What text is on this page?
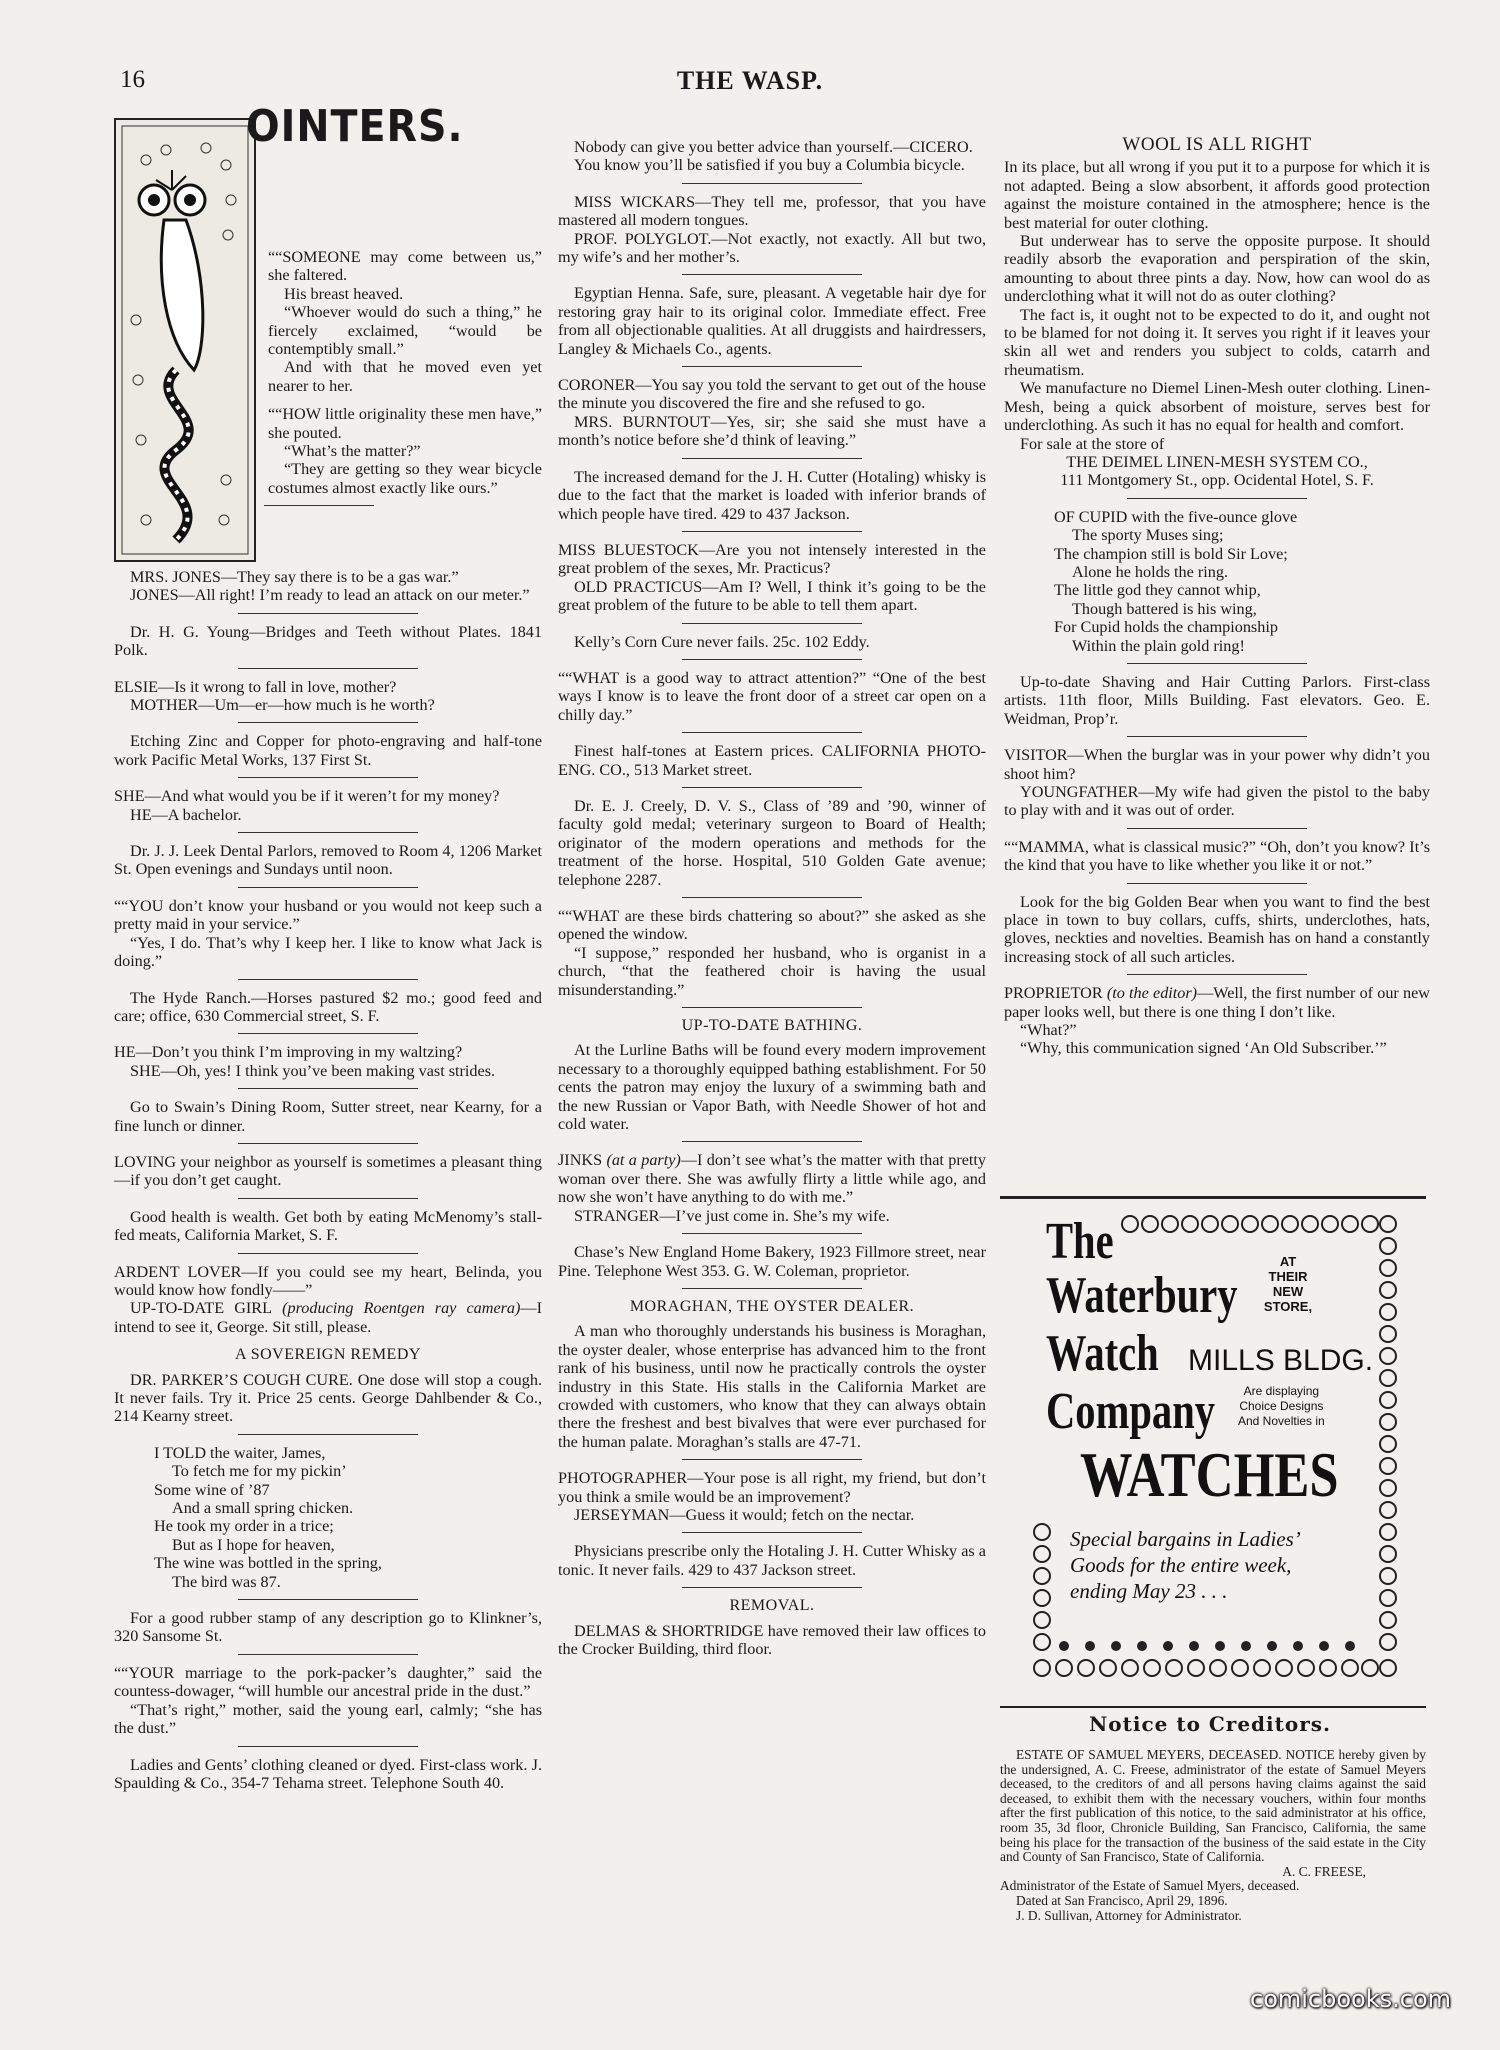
16	THE WASP.
OINTERS.

““SOMEONE may come between us,” she faltered.

His breast heaved.

“Whoever would do such a thing,” he fiercely exclaimed, “would be contemptibly small.”

And with that he moved even yet nearer to her.

““HOW little originality these men have,” she pouted.

“What’s the matter?”

“They are getting so they wear bicycle costumes almost exactly like ours.”

MRS. JONES—They say there is to be a gas war.”

JONES—All right! I’m ready to lead an attack on our meter.”

Dr. H. G. Young—Bridges and Teeth without Plates. 1841 Polk.

ELSIE—Is it wrong to fall in love, mother?

MOTHER—Um—er—how much is he worth?

Etching Zinc and Copper for photo-engraving and half-tone work Pacific Metal Works, 137 First St.

SHE—And what would you be if it weren’t for my money?

HE—A bachelor.

Dr. J. J. Leek Dental Parlors, removed to Room 4, 1206 Market St. Open evenings and Sundays until noon.

““YOU don’t know your husband or you would not keep such a pretty maid in your service.”

“Yes, I do. That’s why I keep her. I like to know what Jack is doing.”

The Hyde Ranch.—Horses pastured $2 mo.; good feed and care; office, 630 Commercial street, S. F.

HE—Don’t you think I’m improving in my waltzing?

SHE—Oh, yes! I think you’ve been making vast strides.

Go to Swain’s Dining Room, Sutter street, near Kearny, for a fine lunch or dinner.

LOVING your neighbor as yourself is sometimes a pleasant thing—if you don’t get caught.

Good health is wealth. Get both by eating McMenomy’s stall-fed meats, California Market, S. F.

ARDENT LOVER—If you could see my heart, Belinda, you would know how fondly——”

UP-TO-DATE GIRL (producing Roentgen ray camera)—I intend to see it, George. Sit still, please.

A SOVEREIGN REMEDY

DR. PARKER’S COUGH CURE. One dose will stop a cough. It never fails. Try it. Price 25 cents. George Dahlbender & Co., 214 Kearny street.

I TOLD the waiter, James,
To fetch me for my pickin’
Some wine of ’87
And a small spring chicken.
He took my order in a trice;
But as I hope for heaven,
The wine was bottled in the spring,
The bird was 87.

For a good rubber stamp of any description go to Klinkner’s, 320 Sansome St.

““YOUR marriage to the pork-packer’s daughter,” said the countess-dowager, “will humble our ancestral pride in the dust.”

“That’s right,” mother, said the young earl, calmly; “she has the dust.”

Ladies and Gents’ clothing cleaned or dyed. First-class work. J. Spaulding & Co., 354-7 Tehama street. Telephone South 40.

Nobody can give you better advice than yourself.—CICERO.

You know you’ll be satisfied if you buy a Columbia bicycle.

MISS WICKARS—They tell me, professor, that you have mastered all modern tongues.

PROF. POLYGLOT.—Not exactly, not exactly. All but two, my wife’s and her mother’s.

Egyptian Henna. Safe, sure, pleasant. A vegetable hair dye for restoring gray hair to its original color. Immediate effect. Free from all objectionable qualities. At all druggists and hairdressers, Langley & Michaels Co., agents.

CORONER—You say you told the servant to get out of the house the minute you discovered the fire and she refused to go.

MRS. BURNTOUT—Yes, sir; she said she must have a month’s notice before she’d think of leaving.”

The increased demand for the J. H. Cutter (Hotaling) whisky is due to the fact that the market is loaded with inferior brands of which people have tired. 429 to 437 Jackson.

MISS BLUESTOCK—Are you not intensely interested in the great problem of the sexes, Mr. Practicus?

OLD PRACTICUS—Am I? Well, I think it’s going to be the great problem of the future to be able to tell them apart.

Kelly’s Corn Cure never fails. 25c. 102 Eddy.

““WHAT is a good way to attract attention?” “One of the best ways I know is to leave the front door of a street car open on a chilly day.”

Finest half-tones at Eastern prices. CALIFORNIA PHOTO-ENG. CO., 513 Market street.

Dr. E. J. Creely, D. V. S., Class of ’89 and ’90, winner of faculty gold medal; veterinary surgeon to Board of Health; originator of the modern operations and methods for the treatment of the horse. Hospital, 510 Golden Gate avenue; telephone 2287.

““WHAT are these birds chattering so about?” she asked as she opened the window.

“I suppose,” responded her husband, who is organist in a church, “that the feathered choir is having the usual misunderstanding.”

UP-TO-DATE BATHING.

At the Lurline Baths will be found every modern improvement necessary to a thoroughly equipped bathing establishment. For 50 cents the patron may enjoy the luxury of a swimming bath and the new Russian or Vapor Bath, with Needle Shower of hot and cold water.

JINKS (at a party)—I don’t see what’s the matter with that pretty woman over there. She was awfully flirty a little while ago, and now she won’t have anything to do with me.”

STRANGER—I’ve just come in. She’s my wife.

Chase’s New England Home Bakery, 1923 Fillmore street, near Pine. Telephone West 353. G. W. Coleman, proprietor.

MORAGHAN, THE OYSTER DEALER.

A man who thoroughly understands his business is Moraghan, the oyster dealer, whose enterprise has advanced him to the front rank of his business, until now he practically controls the oyster industry in this State. His stalls in the California Market are crowded with customers, who know that they can always obtain there the freshest and best bivalves that were ever purchased for the human palate. Moraghan’s stalls are 47-71.

PHOTOGRAPHER—Your pose is all right, my friend, but don’t you think a smile would be an improvement?

JERSEYMAN—Guess it would; fetch on the nectar.

Physicians prescribe only the Hotaling J. H. Cutter Whisky as a tonic. It never fails. 429 to 437 Jackson street.

REMOVAL.

DELMAS & SHORTRIDGE have removed their law offices to the Crocker Building, third floor.

WOOL IS ALL RIGHT

In its place, but all wrong if you put it to a purpose for which it is not adapted. Being a slow absorbent, it affords good protection against the moisture contained in the atmosphere; hence is the best material for outer clothing.

But underwear has to serve the opposite purpose. It should readily absorb the evaporation and perspiration of the skin, amounting to about three pints a day. Now, how can wool do as underclothing what it will not do as outer clothing?

The fact is, it ought not to be expected to do it, and ought not to be blamed for not doing it. It serves you right if it leaves your skin all wet and renders you subject to colds, catarrh and rheumatism.

We manufacture no Diemel Linen-Mesh outer clothing. Linen-Mesh, being a quick absorbent of moisture, serves best for underclothing. As such it has no equal for health and comfort.

For sale at the store of

THE DEIMEL LINEN-MESH SYSTEM CO.,

111 Montgomery St., opp. Ocidental Hotel, S. F.

OF CUPID with the five-ounce glove
The sporty Muses sing;
The champion still is bold Sir Love;
Alone he holds the ring.
The little god they cannot whip,
Though battered is his wing,
For Cupid holds the championship
Within the plain gold ring!

Up-to-date Shaving and Hair Cutting Parlors. First-class artists. 11th floor, Mills Building. Fast elevators. Geo. E. Weidman, Prop’r.

VISITOR—When the burglar was in your power why didn’t you shoot him?

YOUNGFATHER—My wife had given the pistol to the baby to play with and it was out of order.

““MAMMA, what is classical music?” “Oh, don’t you know? It’s the kind that you have to like whether you like it or not.”

Look for the big Golden Bear when you want to find the best place in town to buy collars, cuffs, shirts, underclothes, hats, gloves, neckties and novelties. Beamish has on hand a constantly increasing stock of all such articles.

PROPRIETOR (to the editor)—Well, the first number of our new paper looks well, but there is one thing I don’t like.

“What?”

“Why, this communication signed ‘An Old Subscriber.’”

The
Waterbury
Watch
Company
AT
THEIR
NEW
STORE,
MILLS BLDG.
Are displaying
Choice Designs
And Novelties in
WATCHES
Special bargains in Ladies’
Goods for the entire week,
ending May 23 . . .
Notice to Creditors.

ESTATE OF SAMUEL MEYERS, DECEASED. NOTICE hereby given by the undersigned, A. C. Freese, administrator of the estate of Samuel Meyers deceased, to the creditors of and all persons having claims against the said deceased, to exhibit them with the necessary vouchers, within four months after the first publication of this notice, to the said administrator at his office, room 35, 3d floor, Chronicle Building, San Francisco, California, the same being his place for the transaction of the business of the said estate in the City and County of San Francisco, State of California.

A. C. FREESE,

Administrator of the Estate of Samuel Myers, deceased.

Dated at San Francisco, April 29, 1896.

J. D. Sullivan, Attorney for Administrator.

comicbooks.com
